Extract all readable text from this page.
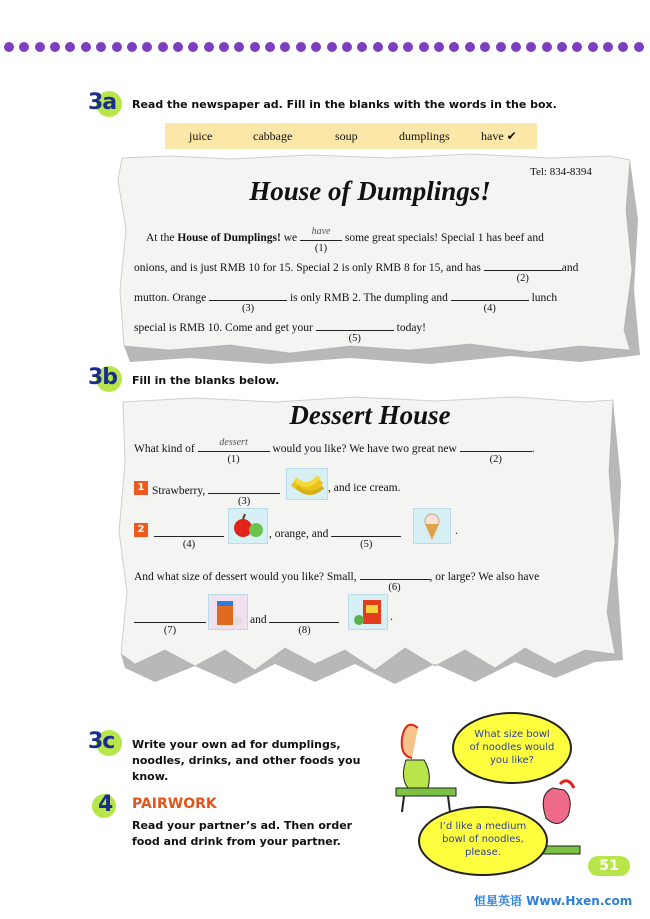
3a Read the newspaper ad. Fill in the blanks with the words in the box.
juice	cabbage	soup	dumplings	have ✔
Tel: 834-8394
House of Dumplings!
At the House of Dumplings! we
have
(1)
some great specials! Special 1 has beef and
onions, and is just RMB 10 for 15. Special 2 is only RMB 8 for 15, and has
(2)
and
mutton. Orange
(3)
is only RMB 2. The dumpling and
(4)
lunch
special is RMB 10. Come and get your
(5)
today!
3b Fill in the blanks below.
Dessert House
What kind of
dessert
(1)
would you like? We have two great new
(2)
.
1 Strawberry,
(3)
, and ice cream.
2
(4)
, orange, and
(5)
.
And what size of dessert would you like? Small,
(6)
, or large? We also have
(7)
and
(8)
.
3c Write your own ad for dumplings, noodles, drinks, and other foods you know.
4 PAIRWORK
Read your partner’s ad. Then order food and drink from your partner.
What size bowl of noodles would you like?
I’d like a medium bowl of noodles, please.
51
恒星英语 Www.Hxen.com
